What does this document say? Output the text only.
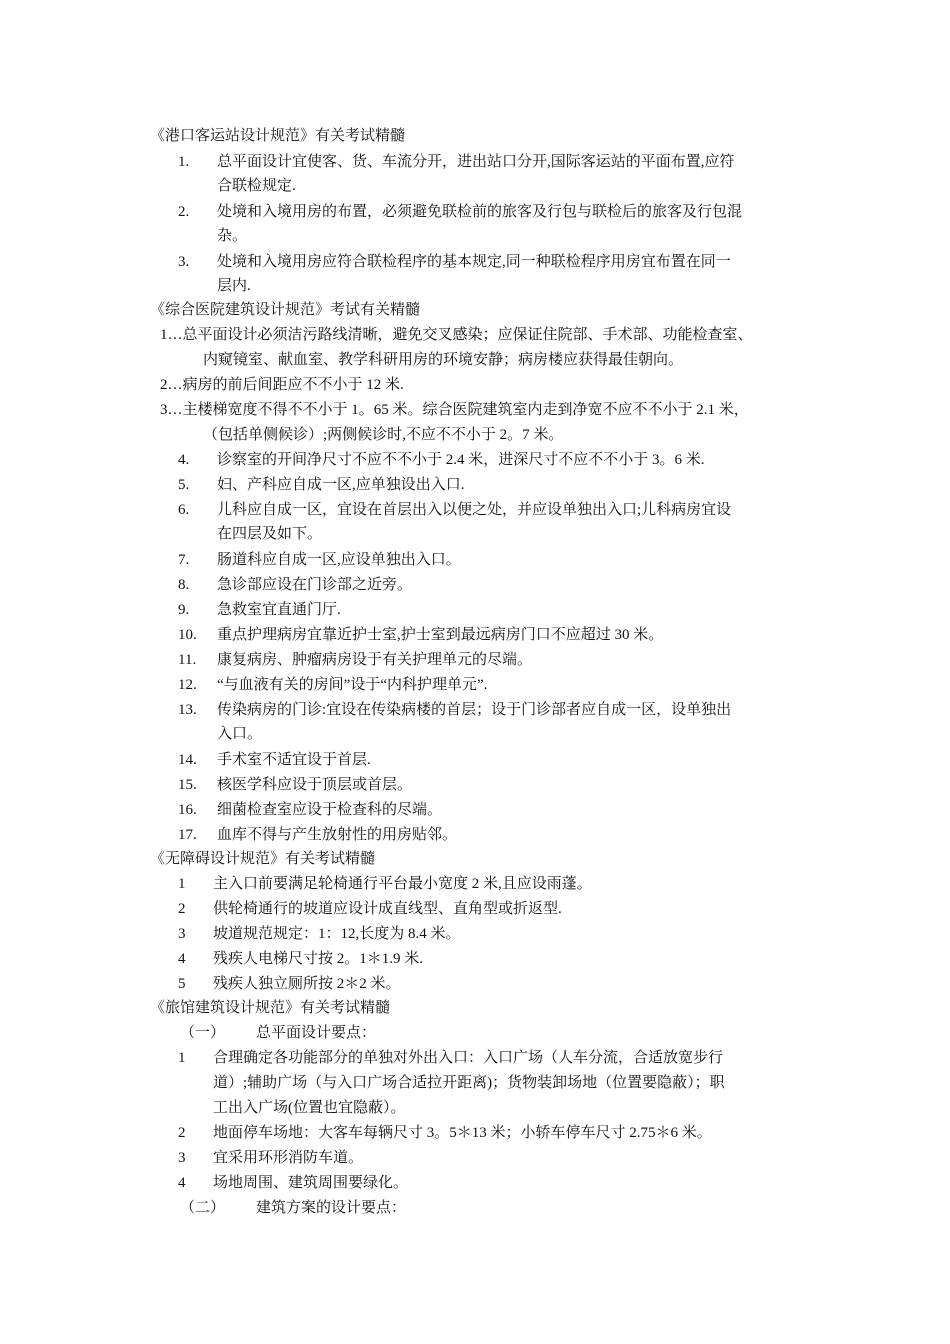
《港口客运站设计规范》有关考试精髓
1. 总平面设计宜使客、货、车流分开，进出站口分开,国际客运站的平面布置,应符
合联检规定.
2. 处境和入境用房的布置，必须避免联检前的旅客及行包与联检后的旅客及行包混
杂。
3. 处境和入境用房应符合联检程序的基本规定,同一种联检程序用房宜布置在同一
层内.
《综合医院建筑设计规范》考试有关精髓
1…总平面设计必须洁污路线清晰，避免交叉感染；应保证住院部、手术部、功能检查室、
内窥镜室、献血室、教学科研用房的环境安静；病房楼应获得最佳朝向。
2…病房的前后间距应不不小于 12 米.
3…主楼梯宽度不得不不小于 1。65 米。综合医院建筑室内走到净宽不应不不小于 2.1 米，
（包括单侧候诊）;两侧候诊时,不应不不小于 2。7 米。
4. 诊察室的开间净尺寸不应不不小于 2.4 米，进深尺寸不应不不小于 3。6 米.
5. 妇、产科应自成一区,应单独设出入口.
6. 儿科应自成一区，宜设在首层出入以便之处，并应设单独出入口;儿科病房宜设
在四层及如下。
7. 肠道科应自成一区,应设单独出入口。
8. 急诊部应设在门诊部之近旁。
9. 急救室宜直通门厅.
10. 重点护理病房宜靠近护士室,护士室到最远病房门口不应超过 30 米。
11. 康复病房、肿瘤病房设于有关护理单元的尽端。
12. “与血液有关的房间”设于“内科护理单元”.
13. 传染病房的门诊:宜设在传染病楼的首层；设于门诊部者应自成一区，设单独出
入口。
14. 手术室不适宜设于首层.
15. 核医学科应设于顶层或首层。
16. 细菌检查室应设于检查科的尽端。
17. 血库不得与产生放射性的用房贴邻。
《无障碍设计规范》有关考试精髓
1 主入口前要满足轮椅通行平台最小宽度 2 米,且应设雨蓬。
2 供轮椅通行的坡道应设计成直线型、直角型或折返型.
3 坡道规范规定：1：12,长度为 8.4 米。
4 残疾人电梯尺寸按 2。1＊1.9 米.
5 残疾人独立厕所按 2＊2 米。
《旅馆建筑设计规范》有关考试精髓
（一） 总平面设计要点：
1 合理确定各功能部分的单独对外出入口：入口广场（人车分流，合适放宽步行
道）;辅助广场（与入口广场合适拉开距离)；货物装卸场地（位置要隐蔽）；职
工出入广场(位置也宜隐蔽）。
2 地面停车场地：大客车每辆尺寸 3。5＊13 米；小轿车停车尺寸 2.75＊6 米。
3 宜采用环形消防车道。
4 场地周围、建筑周围要绿化。
（二） 建筑方案的设计要点：
